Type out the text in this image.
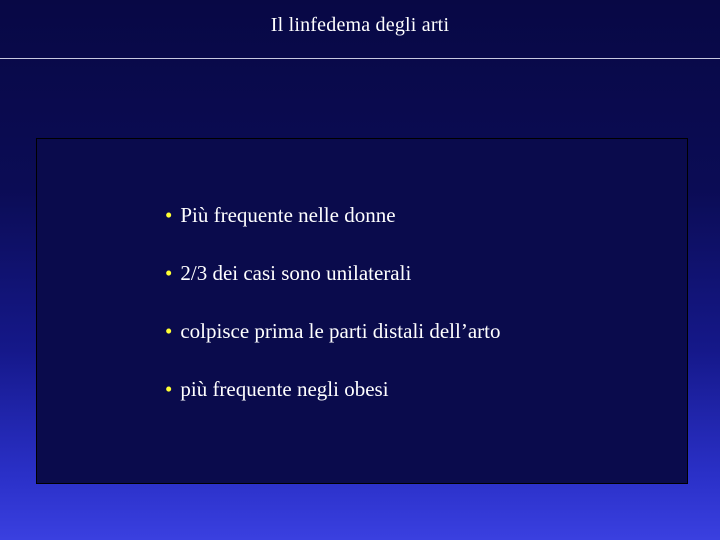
Il linfedema degli arti
• Più frequente nelle donne
• 2/3 dei casi sono unilaterali
• colpisce prima le parti distali dell’arto
• più frequente negli obesi
